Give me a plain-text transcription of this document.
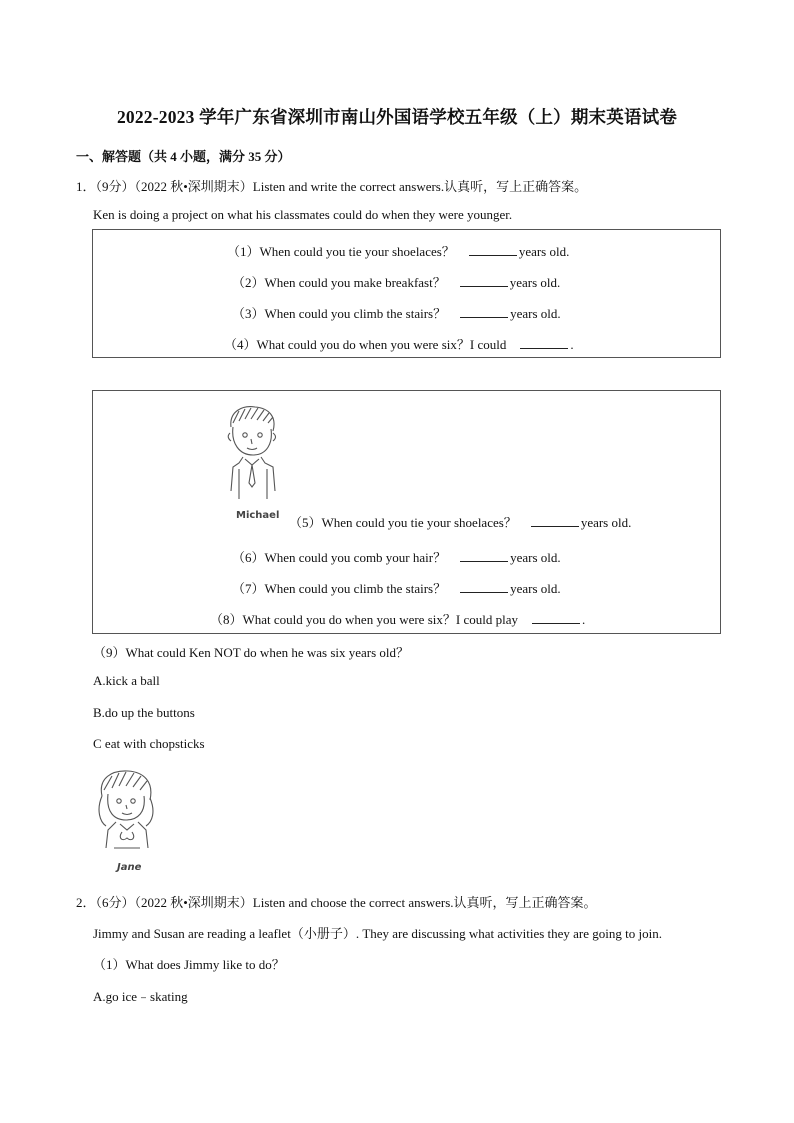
2022-2023 学年广东省深圳市南山外国语学校五年级（上）期末英语试卷
一、解答题（共 4 小题，满分 35 分）
1．（9分）（2022 秋•深圳期末）Listen and write the correct answers.认真听，写上正确答案。
Ken is doing a project on what his classmates could do when they were younger.
（1）When could you tie your shoelaces？	years old.
（2）When could you make breakfast？	years old.
（3）When could you climb the stairs？	years old.
（4）What could you do when you were six？I could	.
Michael （5）When could you tie your shoelaces？	years old.
（6）When could you comb your hair？	years old.
（7）When could you climb the stairs？	years old.
（8）What could you do when you were six？I could play	.
（9）What could Ken NOT do when he was six years old？
A.kick a ball
B.do up the buttons
C eat with chopsticks
Jane
2．（6分）（2022 秋•深圳期末）Listen and choose the correct answers.认真听，写上正确答案。
Jimmy and Susan are reading a leaflet（小册子）. They are discussing what activities they are going to join.
（1）What does Jimmy like to do？
A.go ice﹣skating
